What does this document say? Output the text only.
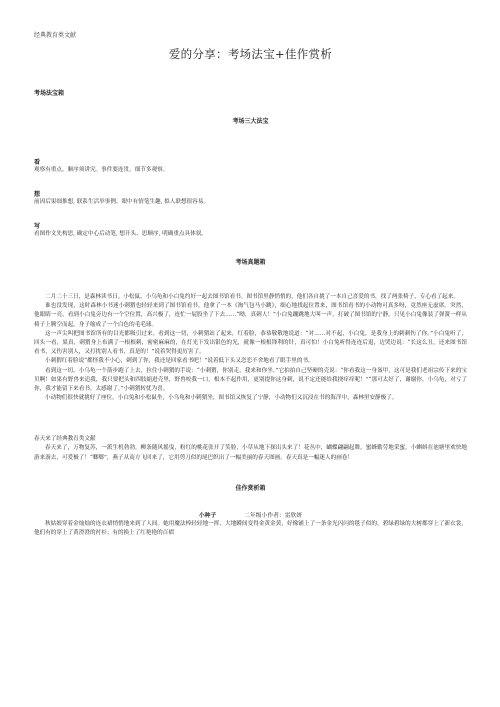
经典教育类文献
爱的分享：考场法宝+佳作赏析
考场法宝箱
考场三大法宝
看
观察有重点，顺序须讲究。事件要连贯，细节多观察。
想
前因后果细推想, 联系生活举事例。眼中有情笔生趣, 拟人联想很容易。
写
看图作文先构思, 确定中心后动笔, 想开头、思顺序, 明确重点具体叙。
考场真题箱

二月二十三日，是森林读书日。小松鼠、小乌龟和小白兔约好一起去图书馆看书。图书馆里静悄悄的，他们各自挑了一本自己喜爱的书，找了两张椅子，专心看了起来。

谁也没发现，这时森林小书迷小刺猬也轻轻来到了图书馆看书。他拿了一本《淘气包马小跳》，细心地找起位置来，图书馆看书的小动物可真多呀，竟然座无虚席。突然，他眼睛一亮，看到小白兔旁边有一个空位置，高兴极了，连忙一屁股坐了下去……“呦，真刺人！”小白兔蹦跳地大叫一声，打破了图书馆的宁静。只见小白兔像装了弹簧一样从椅子上腾空而起，身子缩成了一个白色的毛毛球。

这一声尖叫把图书馆所有的目光都吸引过来。看到这一切，小刺猬站了起来，红着脸，恭恭敬敬地说道：“对……对不起，小白兔，是我身上的刺刺伤了你。”小白兔听了，回头一看，果真，刺猬身上布满了一根根刺，密密麻麻的，在灯光下发出银色的光，就像一根根锋利的针，真可怕！小白兔听得连连后退，边哭边说：“长这么丑，还来图书馆看书，又伤害别人，又打扰别人看书，真是的！”说着哭得更厉害了。

小刺猬红着脸说“都怪我不小心，刺到了你，我还是回家看书吧！”说着低下头又恋恋不舍地看了眼手里的书。

看到这一切，小乌龟一个箭步跑了上去，拉住小刺猬的手说：“小刺猬，你别走，我来和你坐。”它拍拍自己坚硬的壳说：“你看我这一身盔甲，这可是我们老祖宗传下来的宝贝啊！如果有野兽来追我，我只要把头和四肢缩进壳里，野兽咬我一口，根本不起作用，更别提你这身刺，说不定还能给我挠痒痒呢！”“那可太好了，谢谢你，小乌龟，对亏了你，我才能留下来看书，太感谢了。”小刺猬转忧为喜。

小动物们很快就挑好了座位，小白兔和小松鼠坐，小乌龟和小刺猬坐，图书馆又恢复了宁静，小动物们又沉浸在书的海洋中，森林里安静极了。

春天来了经典教育类文献

春天来了，万物复苏，一派生机勃勃。柳条随风摇曳，粉红的桃花张开了笑脸，小草从地下探出头来了！花丛中，蝴蝶翩翩起舞，蜜蜂勤劳地采蜜。小蝌蚪在池塘里欢快地游来游去，可爱极了！“啷啷”，燕子从南方飞回来了，它用剪刀似的尾巴织出了一幅美丽的春天图画。春天真是一幅迷人的画卷！

佳作赏析箱
小种子	二年级小作者：雷欣妍

秋姑娘穿着金灿灿的连衣裙悄悄地来到了人间。她用魔法棒轻轻地一挥，大地瞬间变得金黄金黄，好像铺上了一条金光闪闪的毯子似的。碧绿碧绿的大树都穿上了新衣裳，他们有的穿上了黄澄澄的衬衫；有的换上了红艳艳的百褶
